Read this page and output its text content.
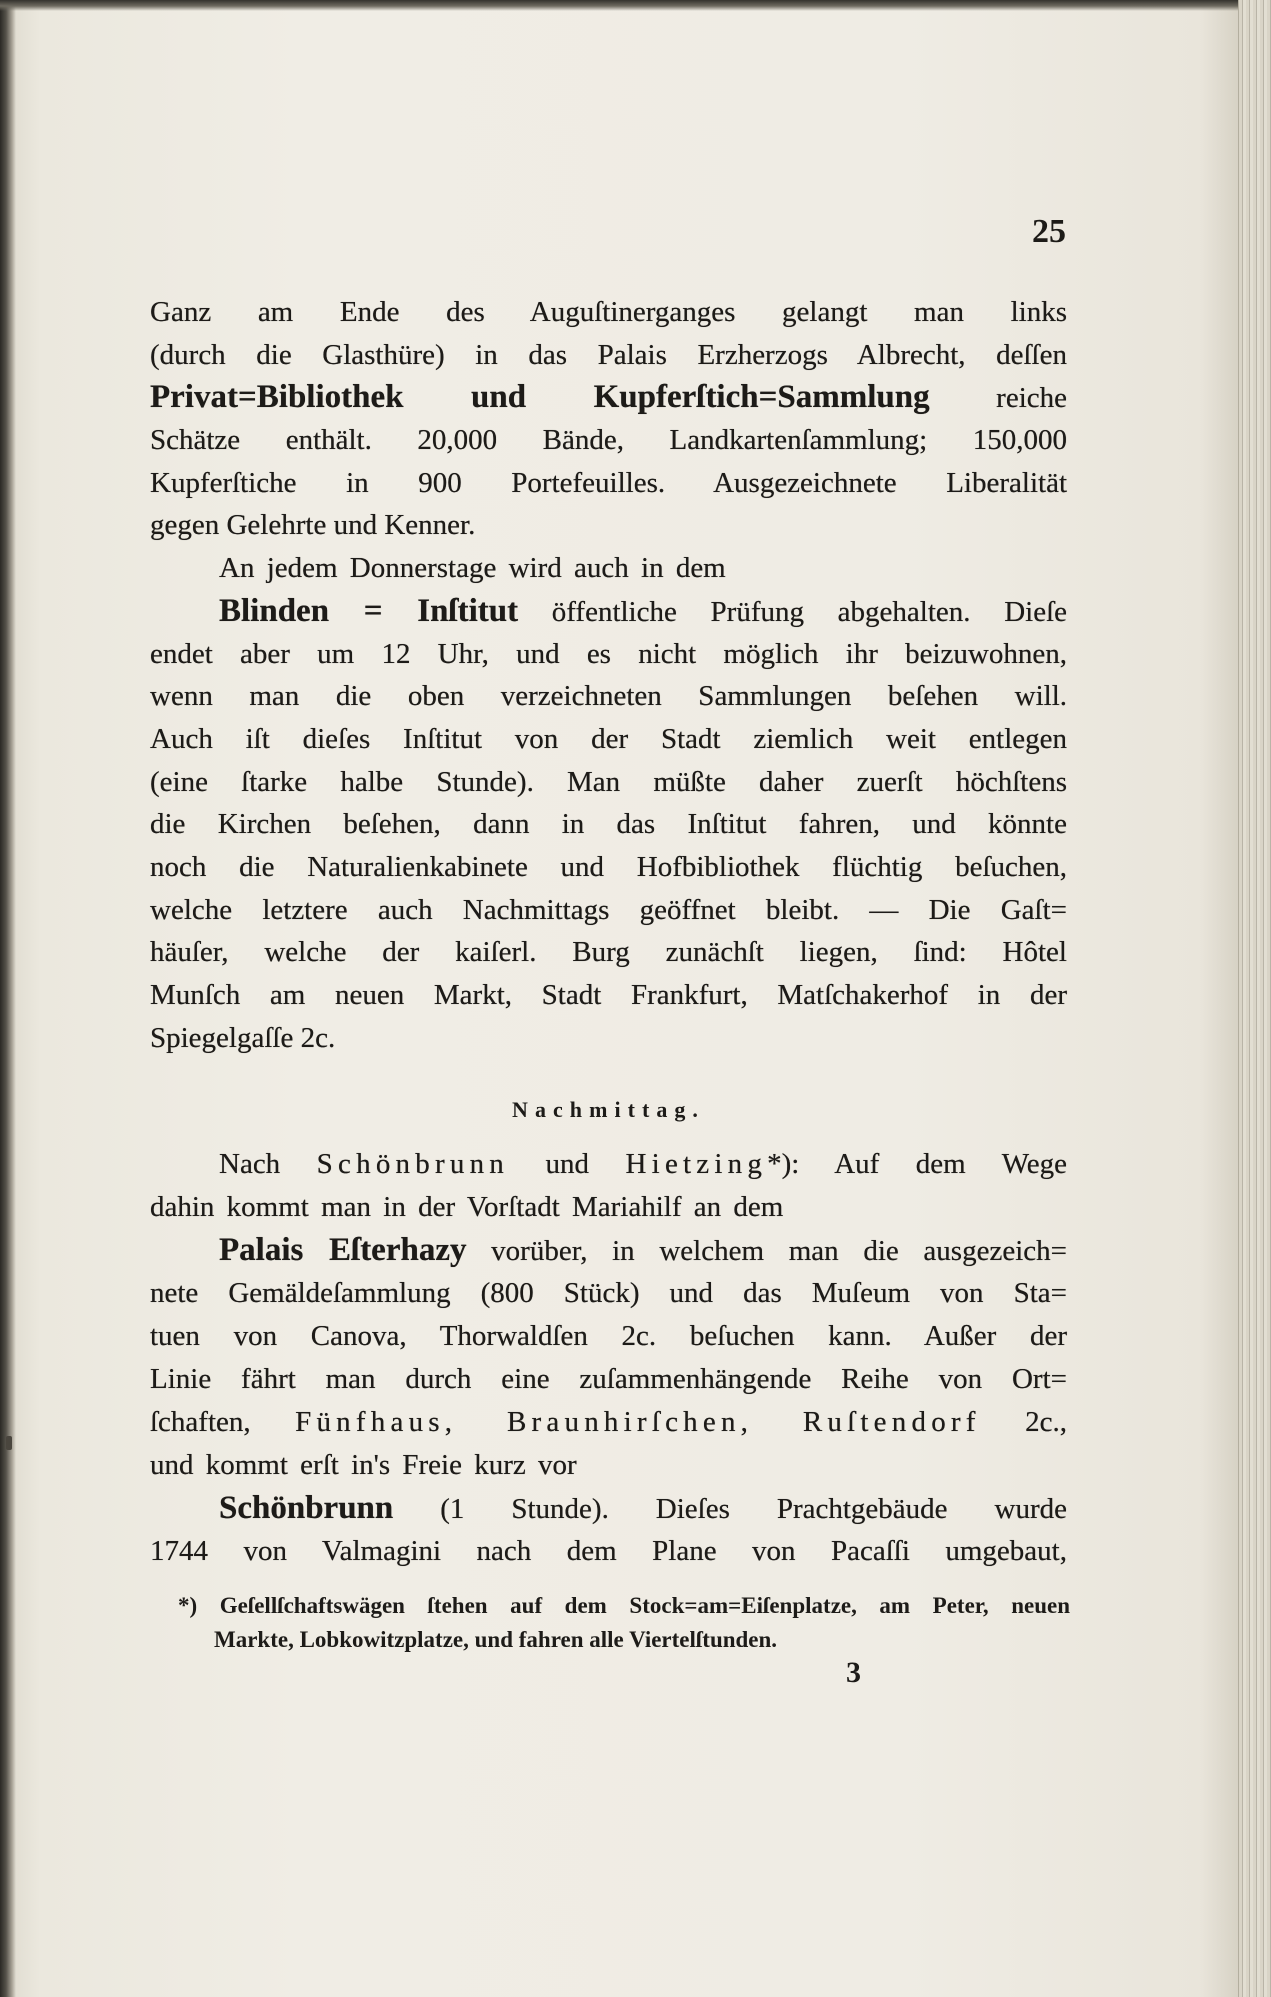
25
Ganz am Ende des Auguſtinerganges gelangt man links
(durch die Glasthüre) in das Palais Erzherzogs Albrecht, deſſen
Privat=Bibliothek und Kupferſtich=Sammlung reiche
Schätze enthält. 20,000 Bände, Landkartenſammlung; 150,000
Kupferſtiche in 900 Portefeuilles. Ausgezeichnete Liberalität
gegen Gelehrte und Kenner.
An jedem Donnerstage wird auch in dem
Blinden = Inſtitut öffentliche Prüfung abgehalten. Dieſe
endet aber um 12 Uhr, und es nicht möglich ihr beizuwohnen,
wenn man die oben verzeichneten Sammlungen beſehen will.
Auch iſt dieſes Inſtitut von der Stadt ziemlich weit entlegen
(eine ſtarke halbe Stunde). Man müßte daher zuerſt höchſtens
die Kirchen beſehen, dann in das Inſtitut fahren, und könnte
noch die Naturalienkabinete und Hofbibliothek flüchtig beſuchen,
welche letztere auch Nachmittags geöffnet bleibt. — Die Gaſt=
häuſer, welche der kaiſerl. Burg zunächſt liegen, ſind: Hôtel
Munſch am neuen Markt, Stadt Frankfurt, Matſchakerhof in der
Spiegelgaſſe 2c.
Nachmittag.
Nach Schönbrunn und Hietzing*): Auf dem Wege
dahin kommt man in der Vorſtadt Mariahilf an dem
Palais Eſterhazy vorüber, in welchem man die ausgezeich=
nete Gemäldeſammlung (800 Stück) und das Muſeum von Sta=
tuen von Canova, Thorwaldſen 2c. beſuchen kann. Außer der
Linie fährt man durch eine zuſammenhängende Reihe von Ort=
ſchaften, Fünfhaus, Braunhirſchen, Ruſtendorf 2c.,
und kommt erſt in's Freie kurz vor
Schönbrunn (1 Stunde). Dieſes Prachtgebäude wurde
1744 von Valmagini nach dem Plane von Pacaſſi umgebaut,
*) Geſellſchaftswägen ſtehen auf dem Stock=am=Eiſenplatze, am Peter, neuen
Markte, Lobkowitzplatze, und fahren alle Viertelſtunden.
3
